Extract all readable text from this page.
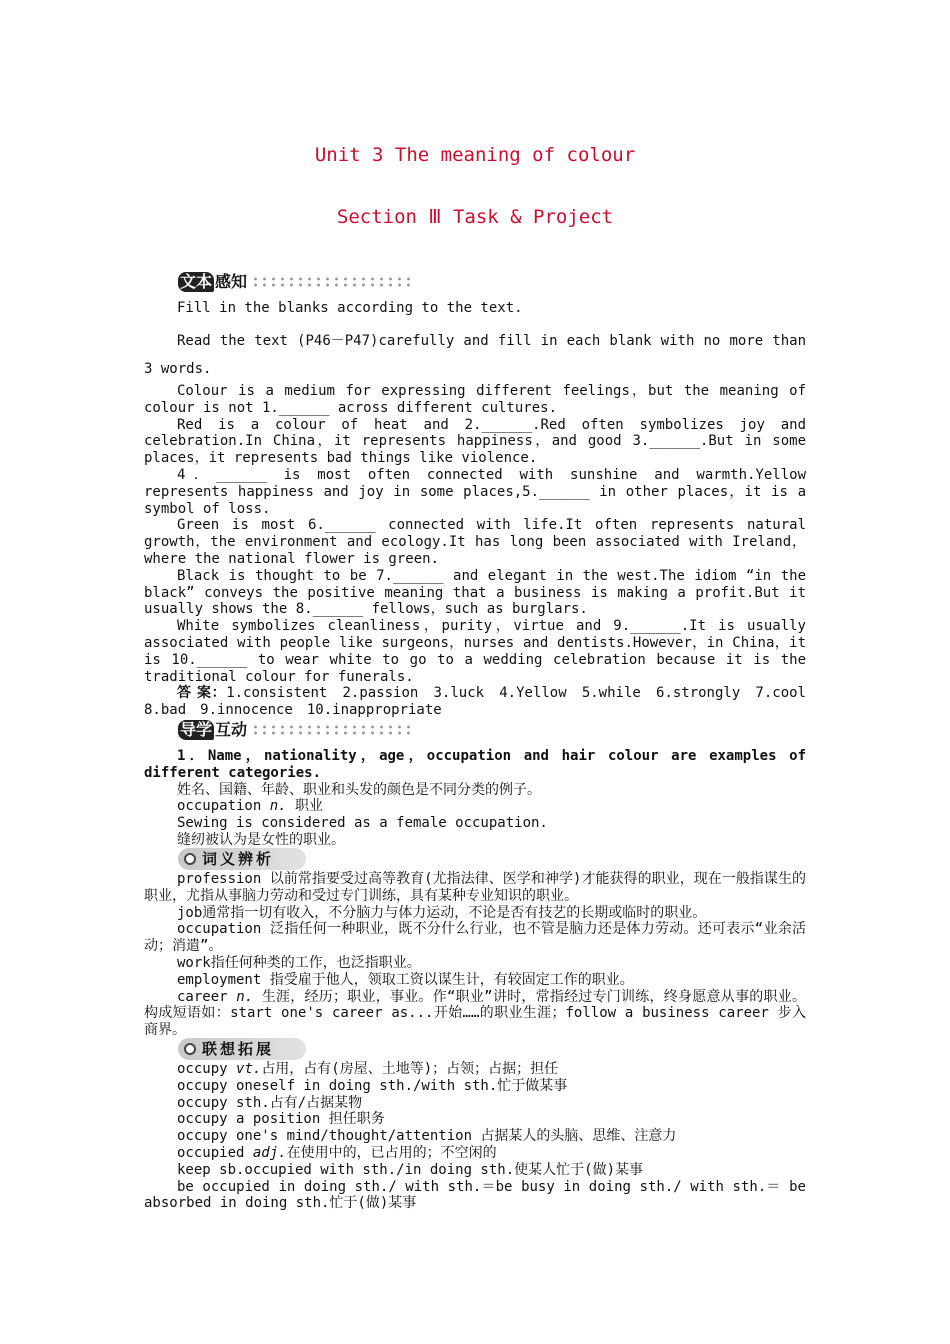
Unit 3 The meaning of colour
Section Ⅲ Task & Project
文本 感知
Fill in the blanks according to the text.
Read the text (P46－P47)carefully and fill in each blank with no more than 3 words.

Colour is a medium for expressing different feelings，but the meaning of colour is not 1.______ across different cultures.

Red is a colour of heat and 2.______.Red often symbolizes joy and celebration.In China，it represents happiness，and good 3.______.But in some places，it represents bad things like violence.

4．______ is most often connected with sunshine and warmth.Yellow represents happiness and joy in some places,5.______ in other places，it is a symbol of loss.

Green is most 6.______ connected with life.It often represents natural growth，the environment and ecology.It has long been associated with Ireland，where the national flower is green.

Black is thought to be 7.______ and elegant in the west.The idiom “in the black” conveys the positive meaning that a business is making a profit.But it usually shows the 8.______ fellows，such as burglars.

White symbolizes cleanliness，purity，virtue and 9.______.It is usually associated with people like surgeons，nurses and dentists.However，in China，it is 10.______ to wear white to go to a wedding celebration because it is the traditional colour for funerals.

答 案：1.consistent　2.passion　3.luck　4.Yellow　5.while　6.strongly　7.cool　8.bad　9.innocence　10.inappropriate

导学 互动

1．Name，nationality，age，occupation and hair colour are examples of different categories.

姓名、国籍、年龄、职业和头发的颜色是不同分类的例子。

occupation n. 职业

Sewing is considered as a female occupation.

缝纫被认为是女性的职业。

词义辨析

profession 以前常指要受过高等教育(尤指法律、医学和神学)才能获得的职业，现在一般指谋生的职业，尤指从事脑力劳动和受过专门训练，具有某种专业知识的职业。

job通常指一切有收入，不分脑力与体力运动，不论是否有技艺的长期或临时的职业。

occupation 泛指任何一种职业，既不分什么行业，也不管是脑力还是体力劳动。还可表示“业余活动；消遣”。

work指任何种类的工作，也泛指职业。

employment 指受雇于他人，领取工资以谋生计，有较固定工作的职业。

career n. 生涯，经历；职业，事业。作“职业”讲时，常指经过专门训练，终身愿意从事的职业。构成短语如：start one's career as...开始……的职业生涯；follow a business career 步入商界。

联想拓展

occupy vt.占用，占有(房屋、土地等)；占领；占据；担任

occupy oneself in doing sth./with sth.忙于做某事

occupy sth.占有/占据某物

occupy a position 担任职务

occupy one's mind/thought/attention 占据某人的头脑、思维、注意力

occupied adj.在使用中的，已占用的；不空闲的

keep sb.occupied with sth./in doing sth.使某人忙于(做)某事

be occupied in doing sth./ with sth.＝be busy in doing sth./ with sth.＝ be absorbed in doing sth.忙于(做)某事
